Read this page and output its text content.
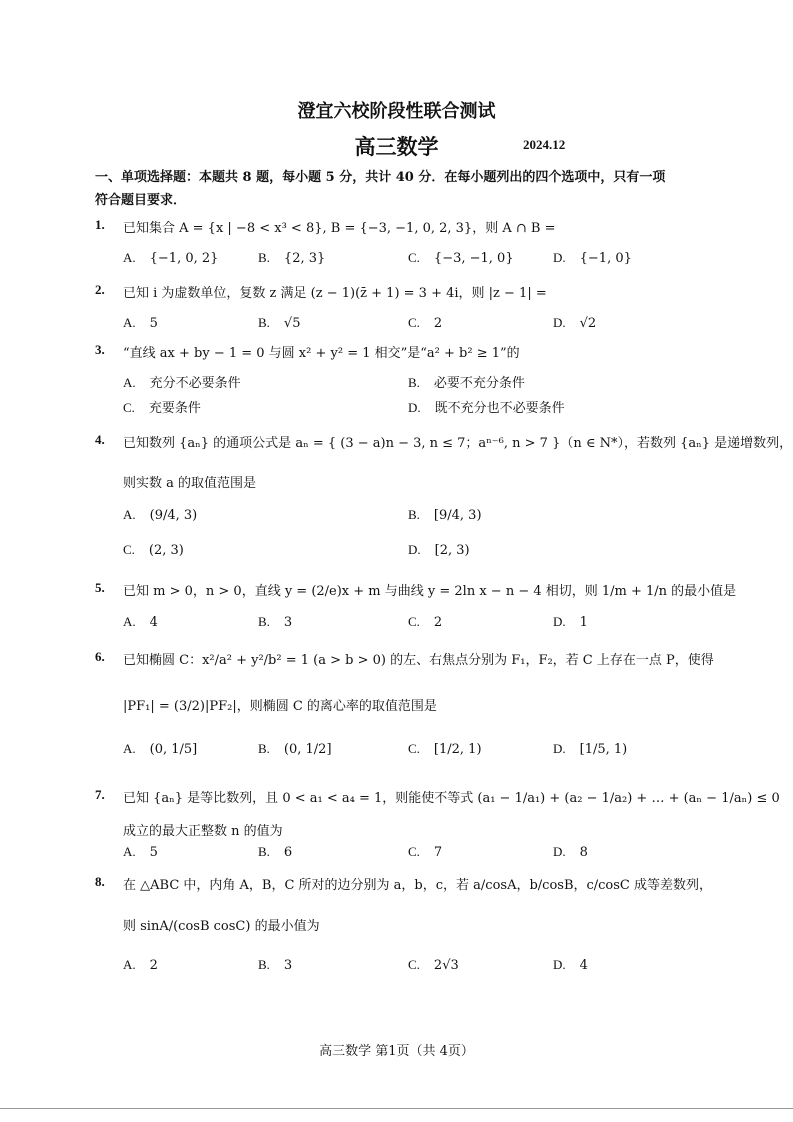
澄宜六校阶段性联合测试
高三数学	2024.12
一、单项选择题：本题共 8 题，每小题 5 分，共计 40 分．在每小题列出的四个选项中，只有一项
符合题目要求．
1. 已知集合 A = {x | −8 < x³ < 8}, B = {−3, −1, 0, 2, 3}，则 A ∩ B =
A. {−1, 0, 2}	B. {2, 3}	C. {−3, −1, 0}	D. {−1, 0}
2. 已知 i 为虚数单位，复数 z 满足 (z − 1)(z̄ + 1) = 3 + 4i，则 |z − 1| =
A. 5	B. √5	C. 2	D. √2
3. “直线 ax + by − 1 = 0 与圆 x² + y² = 1 相交”是“a² + b² ≥ 1”的
A. 充分不必要条件	B. 必要不充分条件
C. 充要条件	D. 既不充分也不必要条件
4. 已知数列 {aₙ} 的通项公式是 aₙ = { (3 − a)n − 3, n ≤ 7；aⁿ⁻⁶, n > 7 }（n ∈ N*），若数列 {aₙ} 是递增数列，
则实数 a 的取值范围是
A. (9/4, 3)	B. [9/4, 3)
C. (2, 3)	D. [2, 3)
5. 已知 m > 0，n > 0，直线 y = (2/e)x + m 与曲线 y = 2ln x − n − 4 相切，则 1/m + 1/n 的最小值是
A. 4	B. 3	C. 2	D. 1
6. 已知椭圆 C：x²/a² + y²/b² = 1 (a > b > 0) 的左、右焦点分别为 F₁，F₂，若 C 上存在一点 P，使得
|PF₁| = (3/2)|PF₂|，则椭圆 C 的离心率的取值范围是
A. (0, 1/5]	B. (0, 1/2]	C. [1/2, 1)	D. [1/5, 1)
7. 已知 {aₙ} 是等比数列，且 0 < a₁ < a₄ = 1，则能使不等式 (a₁ − 1/a₁) + (a₂ − 1/a₂) + … + (aₙ − 1/aₙ) ≤ 0
成立的最大正整数 n 的值为
A. 5	B. 6	C. 7	D. 8
8. 在 △ABC 中，内角 A，B，C 所对的边分别为 a，b，c，若 a/cosA，b/cosB，c/cosC 成等差数列，
则 sinA/(cosB cosC) 的最小值为
A. 2	B. 3	C. 2√3	D. 4
高三数学 第1页（共 4页）
